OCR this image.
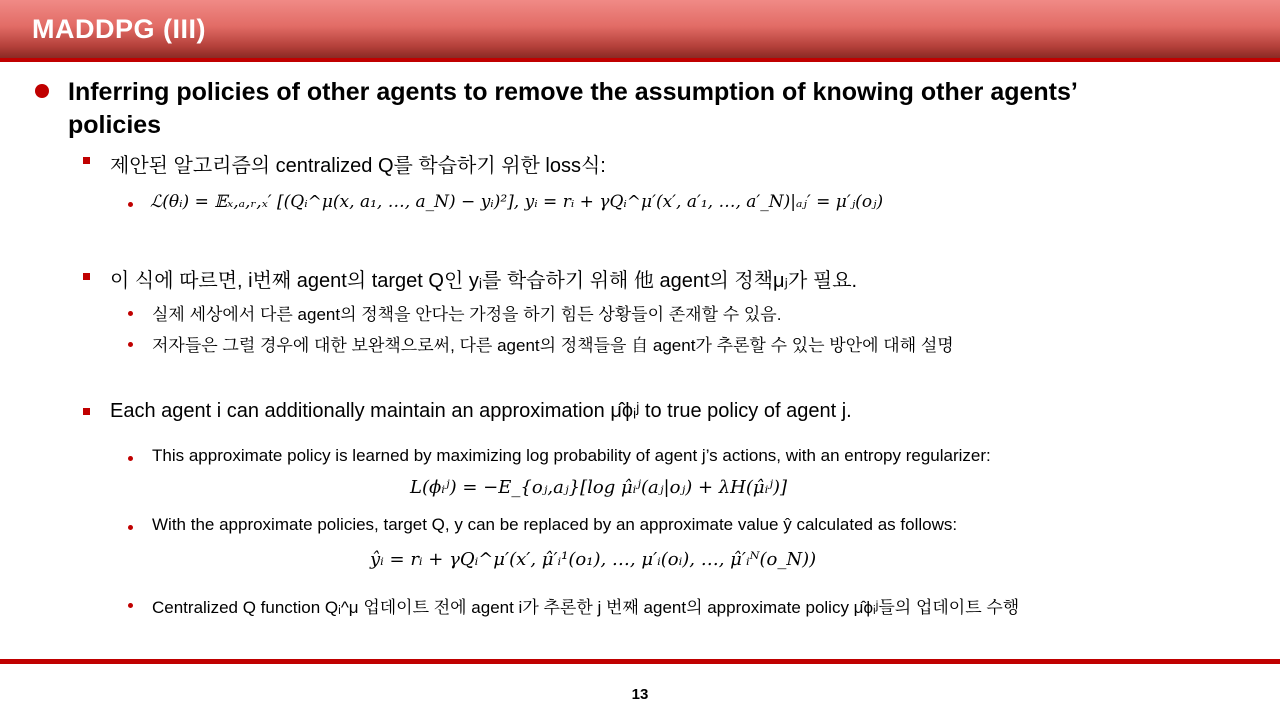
MADDPG (III)
Inferring policies of other agents to remove the assumption of knowing other agents’
policies
제안된 알고리즘의 centralized Q를 학습하기 위한 loss식:
ℒ(θᵢ) = 𝔼ₓ,ₐ,ᵣ,ₓ′ [(Qᵢ^μ(x, a₁, …, a_N) − yᵢ)²], yᵢ = rᵢ + γQᵢ^μ′(x′, a′₁, …, a′_N)|ₐⱼ′ = μ′ⱼ(oⱼ)
이 식에 따르면, i번째 agent의 target Q인 yᵢ를 학습하기 위해 他 agent의 정책μⱼ가 필요.
실제 세상에서 다른 agent의 정책을 안다는 가정을 하기 힘든 상황들이 존재할 수 있음.
저자들은 그럴 경우에 대한 보완책으로써, 다른 agent의 정책들을 自 agent가 추론할 수 있는 방안에 대해 설명
Each agent i can additionally maintain an approximation μ̂ϕᵢʲ to true policy of agent j.
This approximate policy is learned by maximizing log probability of agent j’s actions, with an entropy regularizer:
L(ϕᵢʲ) = −E_{oⱼ,aⱼ}[log μ̂ᵢʲ(aⱼ|oⱼ) + λH(μ̂ᵢʲ)]
With the approximate policies, target Q, y can be replaced by an approximate value ŷ calculated as follows:
ŷᵢ = rᵢ + γQᵢ^μ′(x′, μ̂′ᵢ¹(o₁), …, μ′ᵢ(oᵢ), …, μ̂′ᵢᴺ(o_N))
Centralized Q function Qᵢ^μ 업데이트 전에 agent i가 추론한 j 번째 agent의 approximate policy μ̂ϕᵢʲ들의 업데이트 수행
13
